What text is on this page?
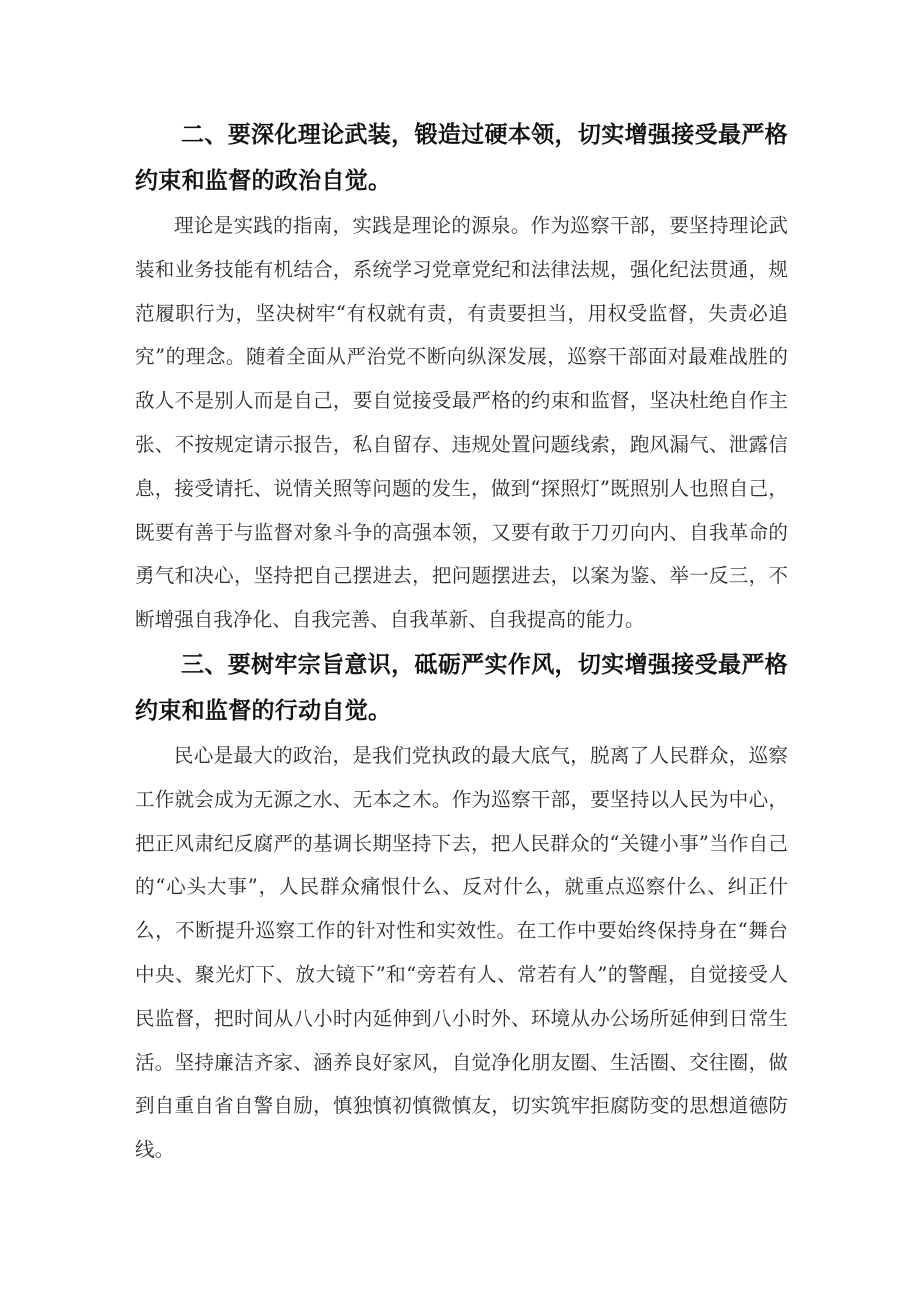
二、要深化理论武装，锻造过硬本领，切实增强接受最严格约束和监督的政治自觉。

理论是实践的指南，实践是理论的源泉。作为巡察干部，要坚持理论武装和业务技能有机结合，系统学习党章党纪和法律法规，强化纪法贯通，规范履职行为，坚决树牢“有权就有责，有责要担当，用权受监督，失责必追究”的理念。随着全面从严治党不断向纵深发展，巡察干部面对最难战胜的敌人不是别人而是自己，要自觉接受最严格的约束和监督，坚决杜绝自作主张、不按规定请示报告，私自留存、违规处置问题线索，跑风漏气、泄露信息，接受请托、说情关照等问题的发生，做到“探照灯”既照别人也照自己，既要有善于与监督对象斗争的高强本领，又要有敢于刀刃向内、自我革命的勇气和决心，坚持把自己摆进去，把问题摆进去，以案为鉴、举一反三，不断增强自我净化、自我完善、自我革新、自我提高的能力。

三、要树牢宗旨意识，砥砺严实作风，切实增强接受最严格约束和监督的行动自觉。

民心是最大的政治，是我们党执政的最大底气，脱离了人民群众，巡察工作就会成为无源之水、无本之木。作为巡察干部，要坚持以人民为中心，把正风肃纪反腐严的基调长期坚持下去，把人民群众的“关键小事”当作自己的“心头大事”，人民群众痛恨什么、反对什么，就重点巡察什么、纠正什么，不断提升巡察工作的针对性和实效性。在工作中要始终保持身在“舞台中央、聚光灯下、放大镜下”和“旁若有人、常若有人”的警醒，自觉接受人民监督，把时间从八小时内延伸到八小时外、环境从办公场所延伸到日常生活。坚持廉洁齐家、涵养良好家风，自觉净化朋友圈、生活圈、交往圈，做到自重自省自警自励，慎独慎初慎微慎友，切实筑牢拒腐防变的思想道德防线。
